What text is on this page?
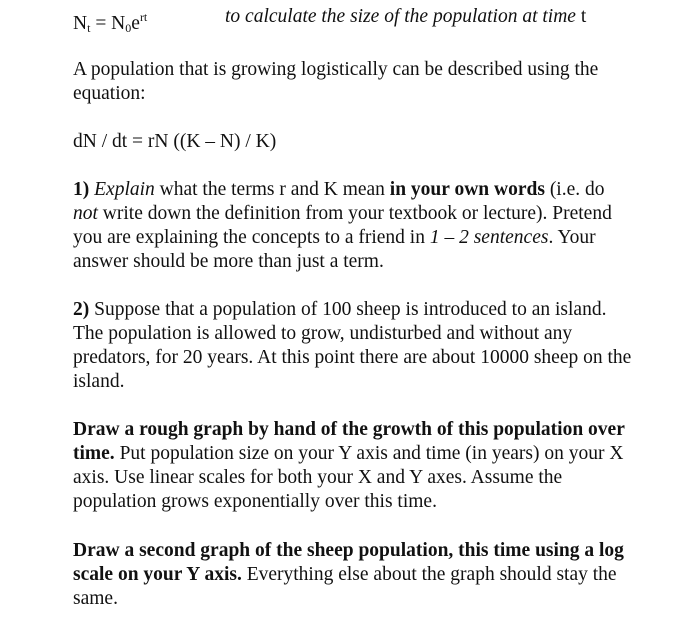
$N_t = N_0e^{rt}$	to calculate the size of the population at time t

A population that is growing logistically can be described using the equation:

dN / dt = rN ((K – N) / K)

1) Explain what the terms r and K mean in your own words (i.e. do not write down the definition from your textbook or lecture). Pretend you are explaining the concepts to a friend in 1 – 2 sentences. Your answer should be more than just a term.

2) Suppose that a population of 100 sheep is introduced to an island. The population is allowed to grow, undisturbed and without any predators, for 20 years. At this point there are about 10000 sheep on the island.

Draw a rough graph by hand of the growth of this population over time. Put population size on your Y axis and time (in years) on your X axis. Use linear scales for both your X and Y axes. Assume the population grows exponentially over this time.

Draw a second graph of the sheep population, this time using a log scale on your Y axis. Everything else about the graph should stay the same.
